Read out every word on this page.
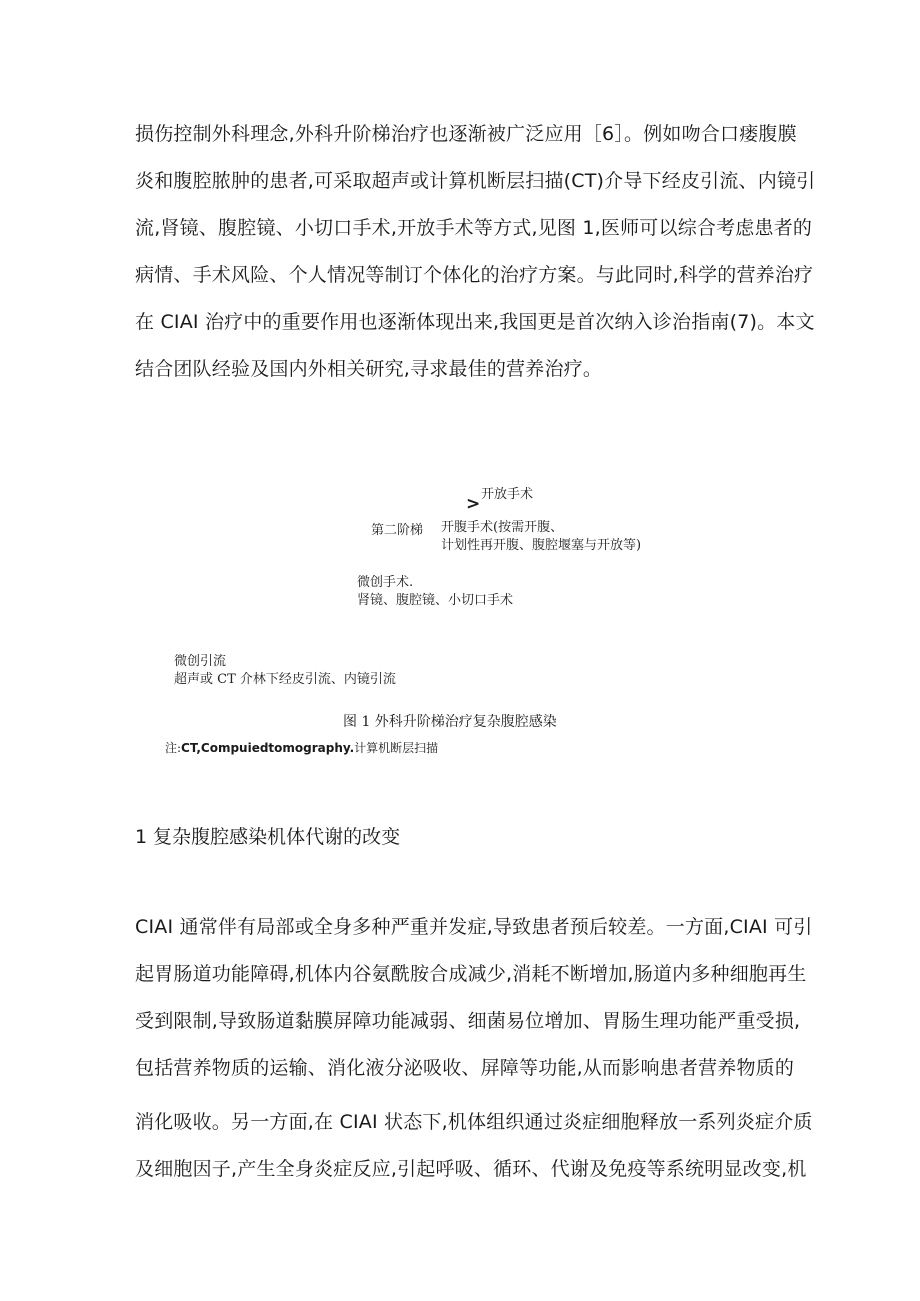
损伤控制外科理念,外科升阶梯治疗也逐渐被广泛应用［6］。例如吻合口瘘腹膜
炎和腹腔脓肿的患者,可采取超声或计算机断层扫描(CT)介导下经皮引流、内镜引
流,肾镜、腹腔镜、小切口手术,开放手术等方式,见图 1,医师可以综合考虑患者的
病情、手术风险、个人情况等制订个体化的治疗方案。与此同时,科学的营养治疗
在 CIAI 治疗中的重要作用也逐渐体现出来,我国更是首次纳入诊治指南(7)。本文
结合团队经验及国内外相关研究,寻求最佳的营养治疗。
> 开放手术
第二阶梯 开腹手术(按需开腹、
计划性再开腹、腹腔堰塞与开放等)
微创手术.
肾镜、腹腔镜、小切口手术
微创引流
超声或 CT 介林下经皮引流、内镜引流
图 1 外科升阶梯治疗复杂腹腔感染
注:CT,Compuiedtomography.计算机断层扫描
1 复杂腹腔感染机体代谢的改变
CIAI 通常伴有局部或全身多种严重并发症,导致患者预后较差。一方面,CIAI 可引
起胃肠道功能障碍,机体内谷氨酰胺合成减少,消耗不断增加,肠道内多种细胞再生
受到限制,导致肠道黏膜屏障功能减弱、细菌易位增加、胃肠生理功能严重受损,
包括营养物质的运输、消化液分泌吸收、屏障等功能,从而影响患者营养物质的
消化吸收。另一方面,在 CIAI 状态下,机体组织通过炎症细胞释放一系列炎症介质
及细胞因子,产生全身炎症反应,引起呼吸、循环、代谢及免疫等系统明显改变,机
